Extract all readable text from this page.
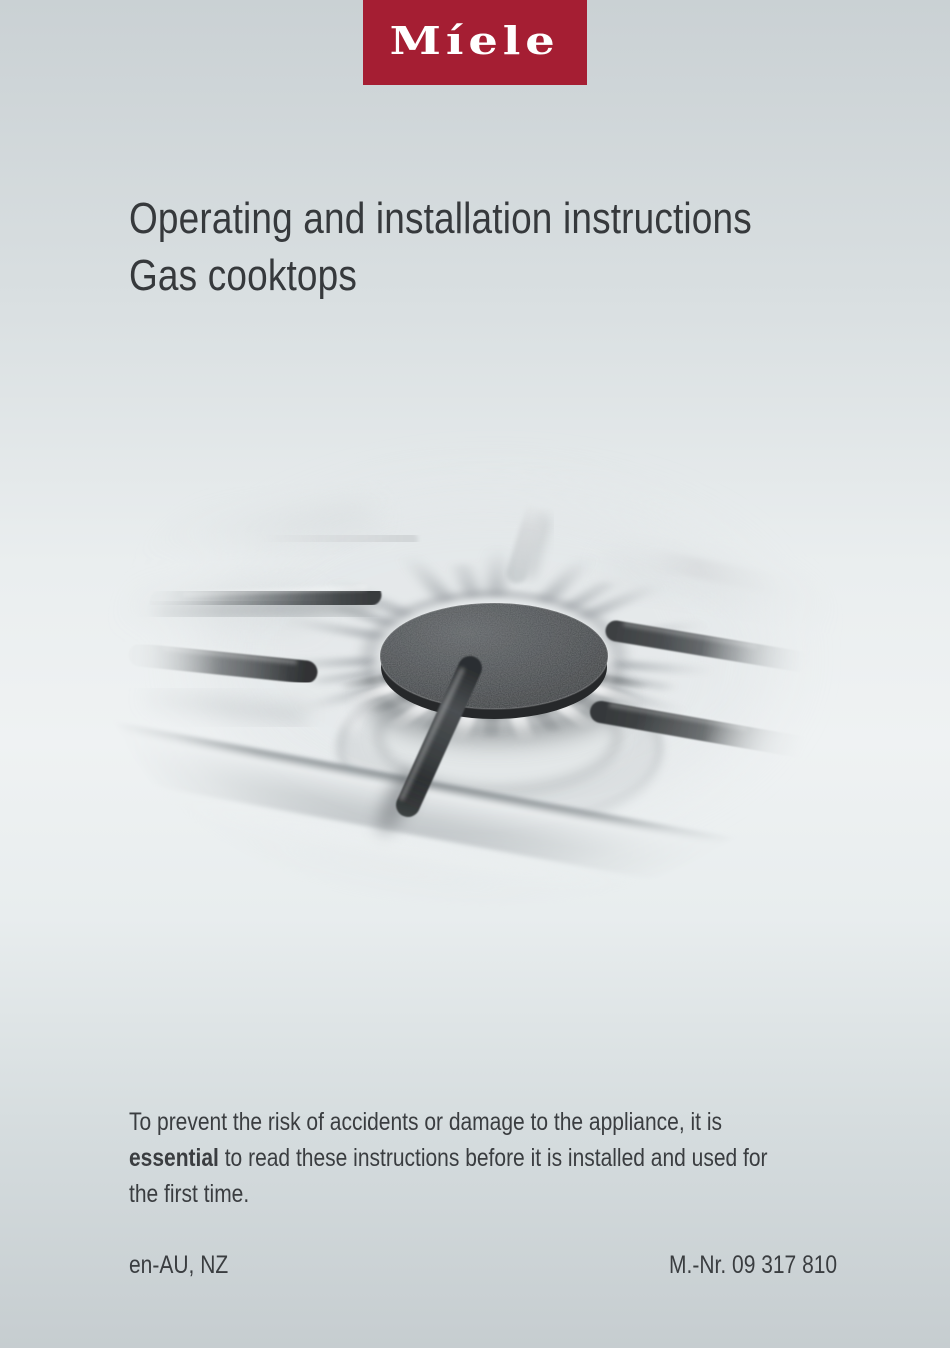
Míele
Operating and installation instructions
Gas cooktops

To prevent the risk of accidents or damage to the appliance, it is
essential to read these instructions before it is installed and used for
the first time.

en-AU, NZ	M.-Nr. 09 317 810
